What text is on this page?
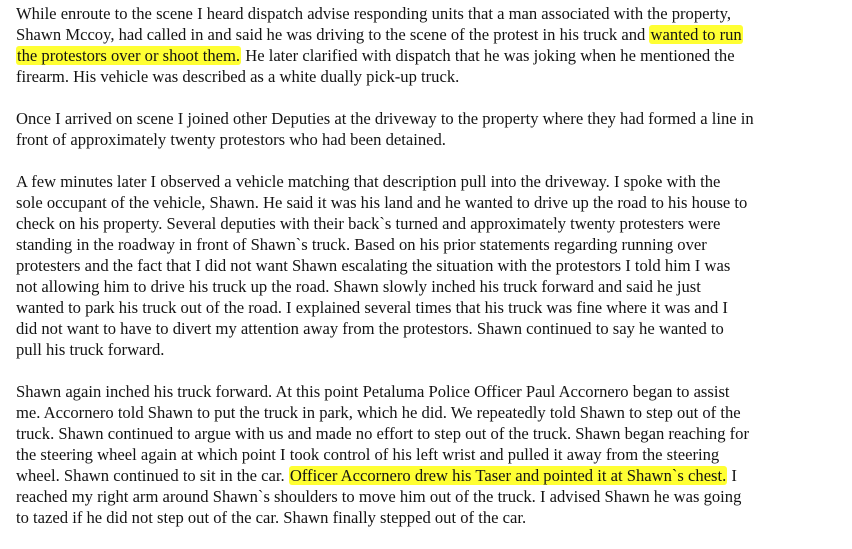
While enroute to the scene I heard dispatch advise responding units that a man associated with the property,
Shawn Mccoy, had called in and said he was driving to the scene of the protest in his truck and wanted to run
the protestors over or shoot them. He later clarified with dispatch that he was joking when he mentioned the
firearm. His vehicle was described as a white dually pick-up truck.
Once I arrived on scene I joined other Deputies at the driveway to the property where they had formed a line in
front of approximately twenty protestors who had been detained.
A few minutes later I observed a vehicle matching that description pull into the driveway. I spoke with the
sole occupant of the vehicle, Shawn. He said it was his land and he wanted to drive up the road to his house to
check on his property. Several deputies with their back`s turned and approximately twenty protesters were
standing in the roadway in front of Shawn`s truck. Based on his prior statements regarding running over
protesters and the fact that I did not want Shawn escalating the situation with the protestors I told him I was
not allowing him to drive his truck up the road. Shawn slowly inched his truck forward and said he just
wanted to park his truck out of the road. I explained several times that his truck was fine where it was and I
did not want to have to divert my attention away from the protestors. Shawn continued to say he wanted to
pull his truck forward.
Shawn again inched his truck forward. At this point Petaluma Police Officer Paul Accornero began to assist
me. Accornero told Shawn to put the truck in park, which he did. We repeatedly told Shawn to step out of the
truck. Shawn continued to argue with us and made no effort to step out of the truck. Shawn began reaching for
the steering wheel again at which point I took control of his left wrist and pulled it away from the steering
wheel. Shawn continued to sit in the car. Officer Accornero drew his Taser and pointed it at Shawn`s chest. I
reached my right arm around Shawn`s shoulders to move him out of the truck. I advised Shawn he was going
to tazed if he did not step out of the car. Shawn finally stepped out of the car.
